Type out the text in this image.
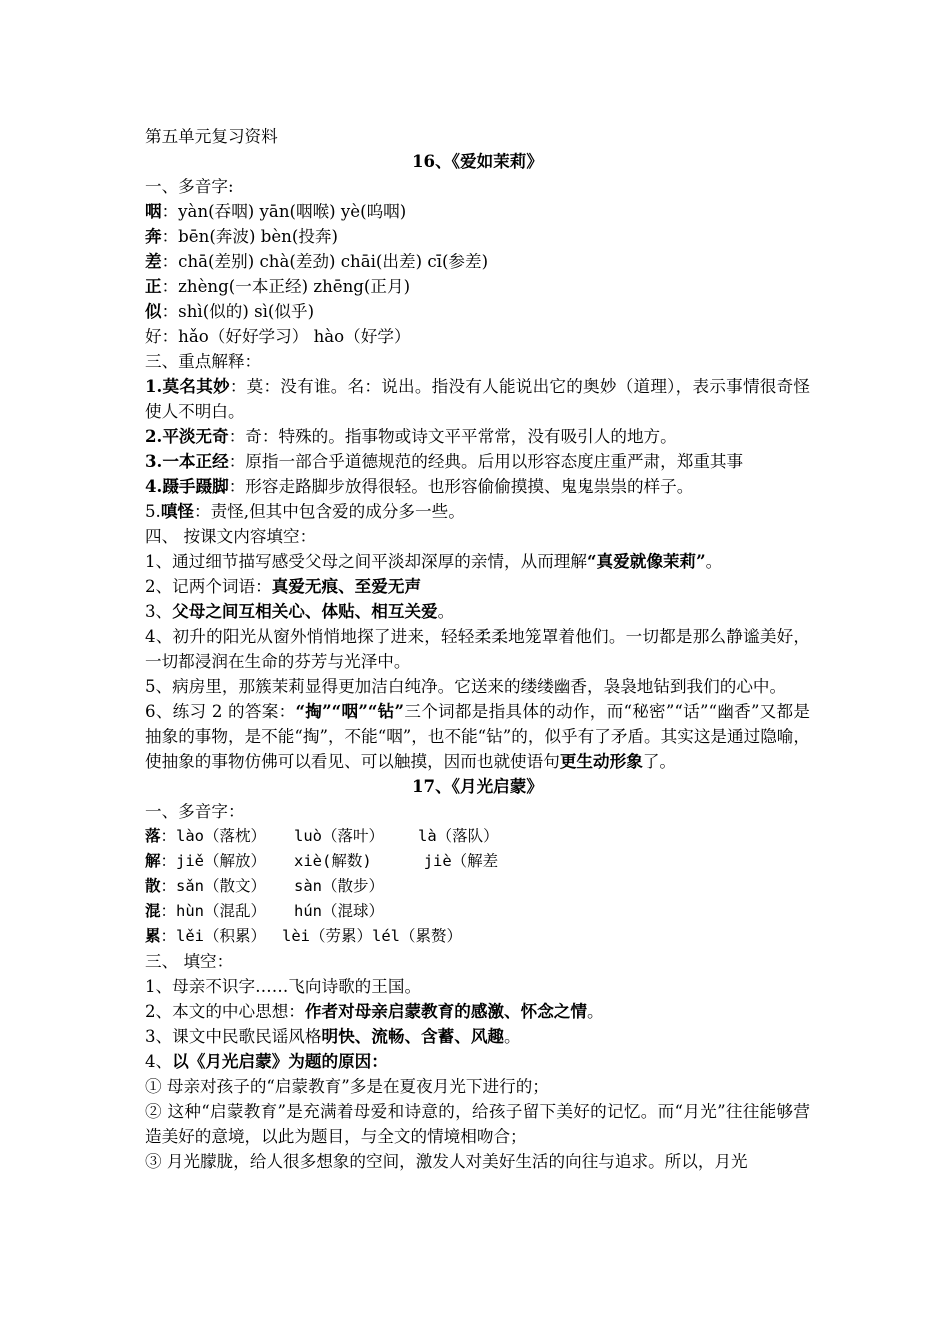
第五单元复习资料
16、《爱如茉莉》
一、多音字:
咽：yàn(吞咽) yān(咽喉) yè(呜咽)
奔：bēn(奔波) bèn(投奔)
差：chā(差别) chà(差劲) chāi(出差) cī(参差)
正：zhèng(一本正经) zhēng(正月)
似：shì(似的) sì(似乎)
好：hǎo（好好学习） hào（好学）
三、重点解释：
1.莫名其妙：莫：没有谁。名：说出。指没有人能说出它的奥妙（道理），表示事情很奇怪使人不明白。
2.平淡无奇：奇：特殊的。指事物或诗文平平常常，没有吸引人的地方。
3.一本正经：原指一部合乎道德规范的经典。后用以形容态度庄重严肃，郑重其事
4.蹑手蹑脚：形容走路脚步放得很轻。也形容偷偷摸摸、鬼鬼祟祟的样子。
5.嗔怪：责怪,但其中包含爱的成分多一些。
四、 按课文内容填空：
1、通过细节描写感受父母之间平淡却深厚的亲情，从而理解“真爱就像茉莉”。
2、记两个词语：真爱无痕、至爱无声
3、父母之间互相关心、体贴、相互关爱。
4、初升的阳光从窗外悄悄地探了进来，轻轻柔柔地笼罩着他们。一切都是那么静谧美好，一切都浸润在生命的芬芳与光泽中。
5、病房里，那簇茉莉显得更加洁白纯净。它送来的缕缕幽香，袅袅地钻到我们的心中。
6、练习 2 的答案：“掏”“咽”“钻”三个词都是指具体的动作，而“秘密”“话”“幽香”又都是抽象的事物，是不能“掏”，不能“咽”，也不能“钻”的，似乎有了矛盾。其实这是通过隐喻，使抽象的事物仿佛可以看见、可以触摸，因而也就使语句更生动形象了。
17、《月光启蒙》
一、多音字：
落：lào（落枕） luò（落叶） là（落队）
解：jiě（解放） xiè(解数)	jiè（解差
散：sǎn（散文） sàn（散步）
混：hùn（混乱） hún（混球）
累：lěi（积累） lèi（劳累）lél（累赘）
三、 填空：
1、母亲不识字……飞向诗歌的王国。
2、本文的中心思想：作者对母亲启蒙教育的感激、怀念之情。
3、课文中民歌民谣风格明快、流畅、含蓄、风趣。
4、以《月光启蒙》为题的原因：
① 母亲对孩子的“启蒙教育”多是在夏夜月光下进行的；
② 这种“启蒙教育”是充满着母爱和诗意的，给孩子留下美好的记忆。而“月光”往往能够营造美好的意境，以此为题目，与全文的情境相吻合；
③ 月光朦胧，给人很多想象的空间，激发人对美好生活的向往与追求。所以，月光
